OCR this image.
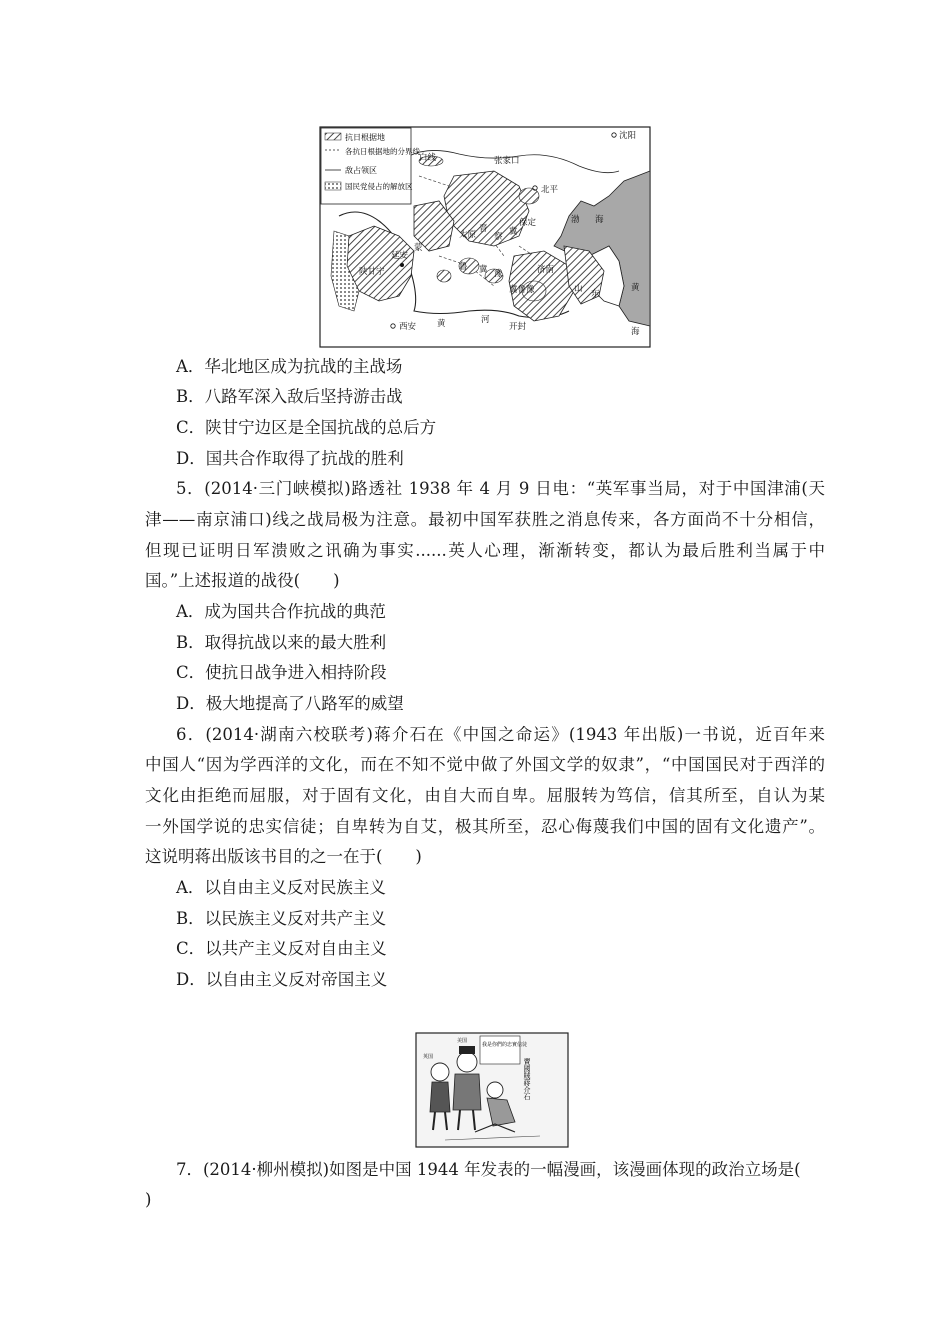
抗日根据地
各抗日根据地的分界线
敌占领区
国民党侵占的解放区
沈阳
白线	张家口
北平
渤 海
保定
太原
晋
察 冀
陕甘宁
延安
鲁 冀 豫	济南
山 东
黄
海
冀鲁豫
西安 黄	河
开封
蒙
A．华北地区成为抗战的主战场
B．八路军深入敌后坚持游击战
C．陕甘宁边区是全国抗战的总后方
D．国共合作取得了抗战的胜利
5．(2014·三门峡模拟)路透社 1938 年 4 月 9 日电：“英军事当局，对于中国津浦(天
津——南京浦口)线之战局极为注意。最初中国军获胜之消息传来，各方面尚不十分相信，
但现已证明日军溃败之讯确为事实......英人心理，渐渐转变，都认为最后胜利当属于中
国。”上述报道的战役(　　)
A．成为国共合作抗战的典范
B．取得抗战以来的最大胜利
C．使抗日战争进入相持阶段
D．极大地提高了八路军的威望
6．(2014·湖南六校联考)蒋介石在《中国之命运》(1943 年出版)一书说，近百年来
中国人“因为学西洋的文化，而在不知不觉中做了外国文学的奴隶”，“中国国民对于西洋的
文化由拒绝而屈服，对于固有文化，由自大而自卑。屈服转为笃信，信其所至，自认为某
一外国学说的忠实信徒；自卑转为自艾，极其所至，忍心侮蔑我们中国的固有文化遗产”。
这说明蒋出版该书目的之一在于(　　)
A．以自由主义反对民族主义
B．以民族主义反对共产主义
C．以共产主义反对自由主义
D．以自由主义反对帝国主义
我是你們的忠實信徒
英国
美国
賣國賊蔣介石
7．(2014·柳州模拟)如图是中国 1944 年发表的一幅漫画，该漫画体现的政治立场是(
)
